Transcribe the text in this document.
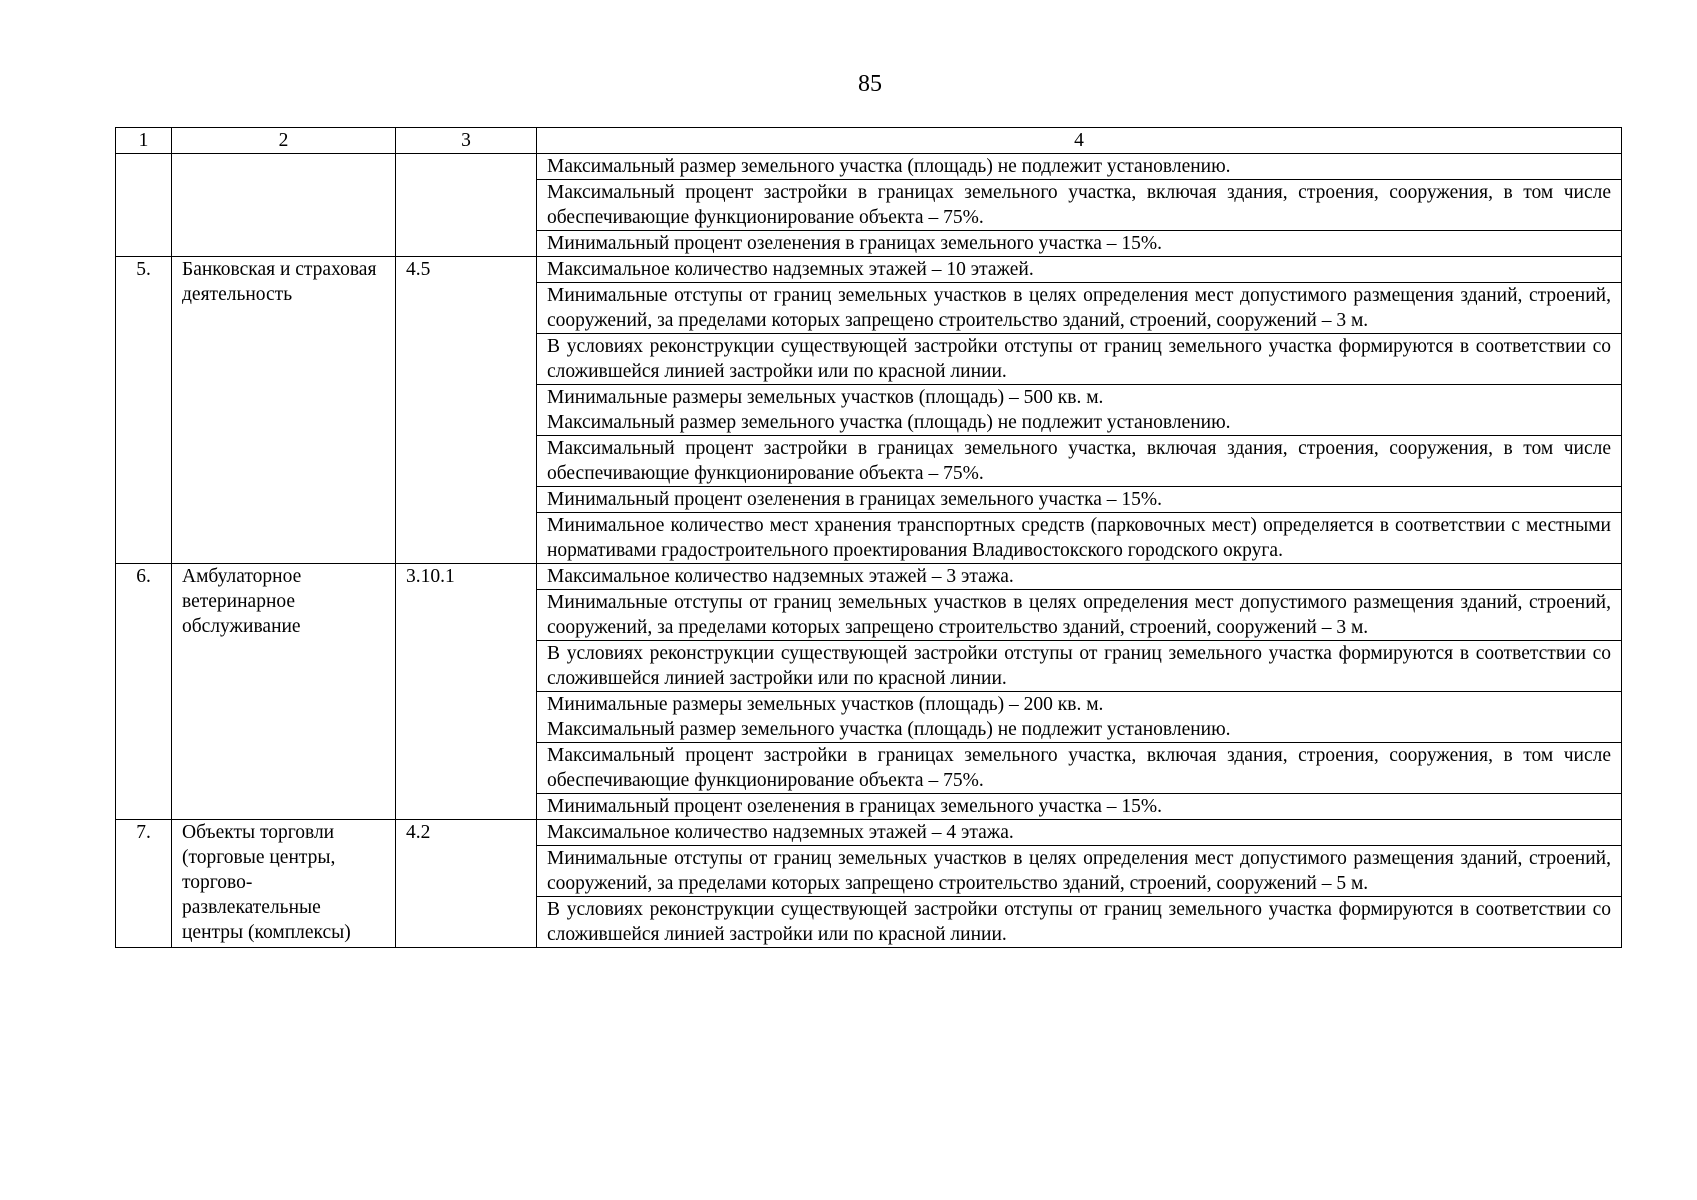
85
1	2	3	4

			Максимальный размер земельного участка (площадь) не подлежит установлению.

			Максимальный процент застройки в границах земельного участка, включая здания, строения, сооружения, в том числе обеспечивающие функционирование объекта – 75%.

			Минимальный процент озеленения в границах земельного участка – 15%.

5.	Банковская и страховая деятельность	4.5	Максимальное количество надземных этажей – 10 этажей.

			Минимальные отступы от границ земельных участков в целях определения мест допустимого размещения зданий, строений, сооружений, за пределами которых запрещено строительство зданий, строений, сооружений – 3 м.

			В условиях реконструкции существующей застройки отступы от границ земельного участка формируются в соответствии со сложившейся линией застройки или по красной линии.

			Минимальные размеры земельных участков (площадь) – 500 кв. м.
Максимальный размер земельного участка (площадь) не подлежит установлению.

			Максимальный процент застройки в границах земельного участка, включая здания, строения, сооружения, в том числе обеспечивающие функционирование объекта – 75%.

			Минимальный процент озеленения в границах земельного участка – 15%.

			Минимальное количество мест хранения транспортных средств (парковочных мест) определяется в соответствии с местными нормативами градостроительного проектирования Владивостокского городского округа.

6.	Амбулаторное ветеринарное обслуживание	3.10.1	Максимальное количество надземных этажей – 3 этажа.

			Минимальные отступы от границ земельных участков в целях определения мест допустимого размещения зданий, строений, сооружений, за пределами которых запрещено строительство зданий, строений, сооружений – 3 м.

			В условиях реконструкции существующей застройки отступы от границ земельного участка формируются в соответствии со сложившейся линией застройки или по красной линии.

			Минимальные размеры земельных участков (площадь) – 200 кв. м.
Максимальный размер земельного участка (площадь) не подлежит установлению.

			Максимальный процент застройки в границах земельного участка, включая здания, строения, сооружения, в том числе обеспечивающие функционирование объекта – 75%.

			Минимальный процент озеленения в границах земельного участка – 15%.

7.	Объекты торговли (торговые центры, торгово-развлекательные центры (комплексы)	4.2	Максимальное количество надземных этажей – 4 этажа.

			Минимальные отступы от границ земельных участков в целях определения мест допустимого размещения зданий, строений, сооружений, за пределами которых запрещено строительство зданий, строений, сооружений – 5 м.

			В условиях реконструкции существующей застройки отступы от границ земельного участка формируются в соответствии со сложившейся линией застройки или по красной линии.
